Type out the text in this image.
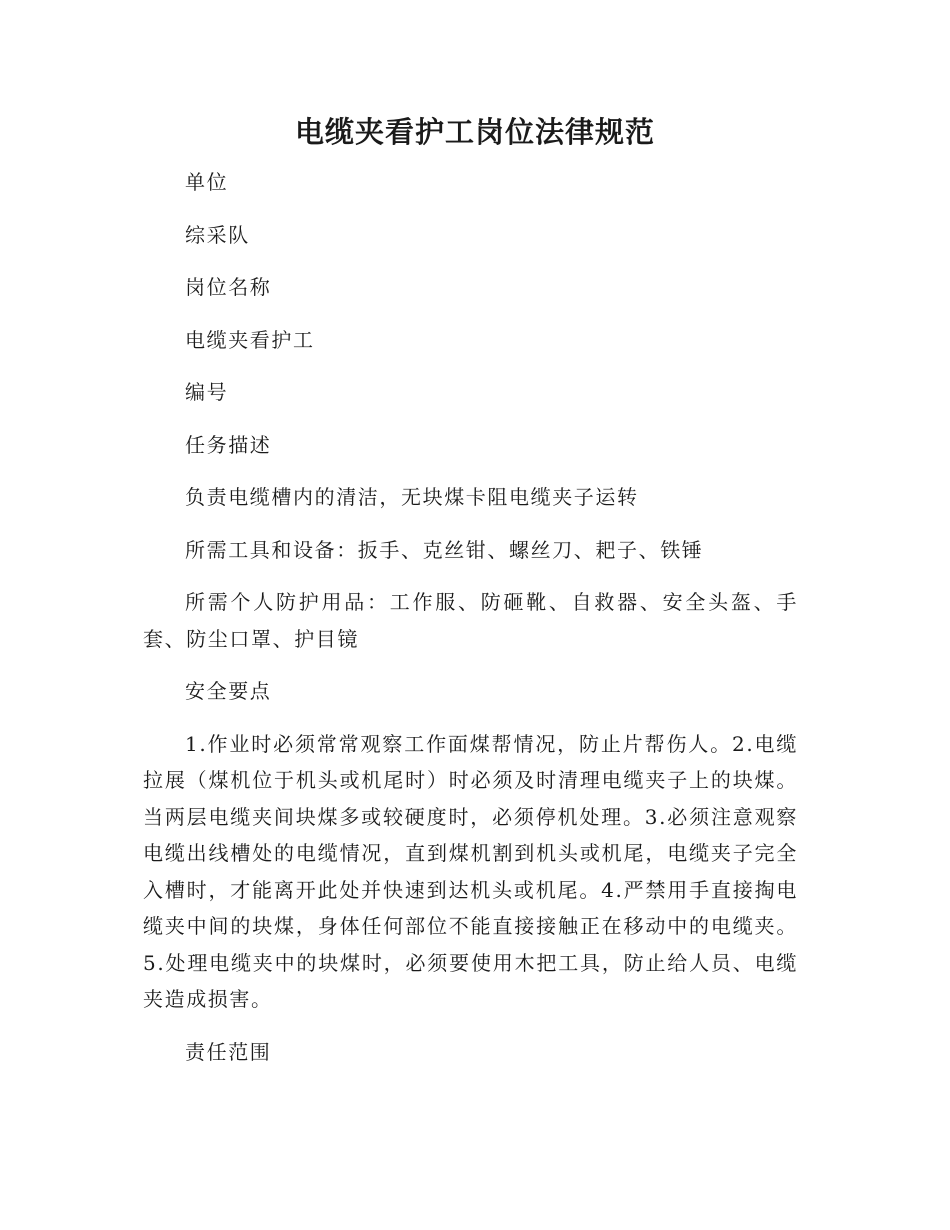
电缆夹看护工岗位法律规范

单位

综采队

岗位名称

电缆夹看护工

编号

任务描述

负责电缆槽内的清洁，无块煤卡阻电缆夹子运转

所需工具和设备：扳手、克丝钳、螺丝刀、耙子、铁锤

所需个人防护用品：工作服、防砸靴、自救器、安全头盔、手套、防尘口罩、护目镜

安全要点

1.作业时必须常常观察工作面煤帮情况，防止片帮伤人。2.电缆拉展（煤机位于机头或机尾时）时必须及时清理电缆夹子上的块煤。当两层电缆夹间块煤多或较硬度时，必须停机处理。3.必须注意观察电缆出线槽处的电缆情况，直到煤机割到机头或机尾，电缆夹子完全入槽时，才能离开此处并快速到达机头或机尾。4.严禁用手直接掏电缆夹中间的块煤，身体任何部位不能直接接触正在移动中的电缆夹。5.处理电缆夹中的块煤时，必须要使用木把工具，防止给人员、电缆夹造成损害。

责任范围
